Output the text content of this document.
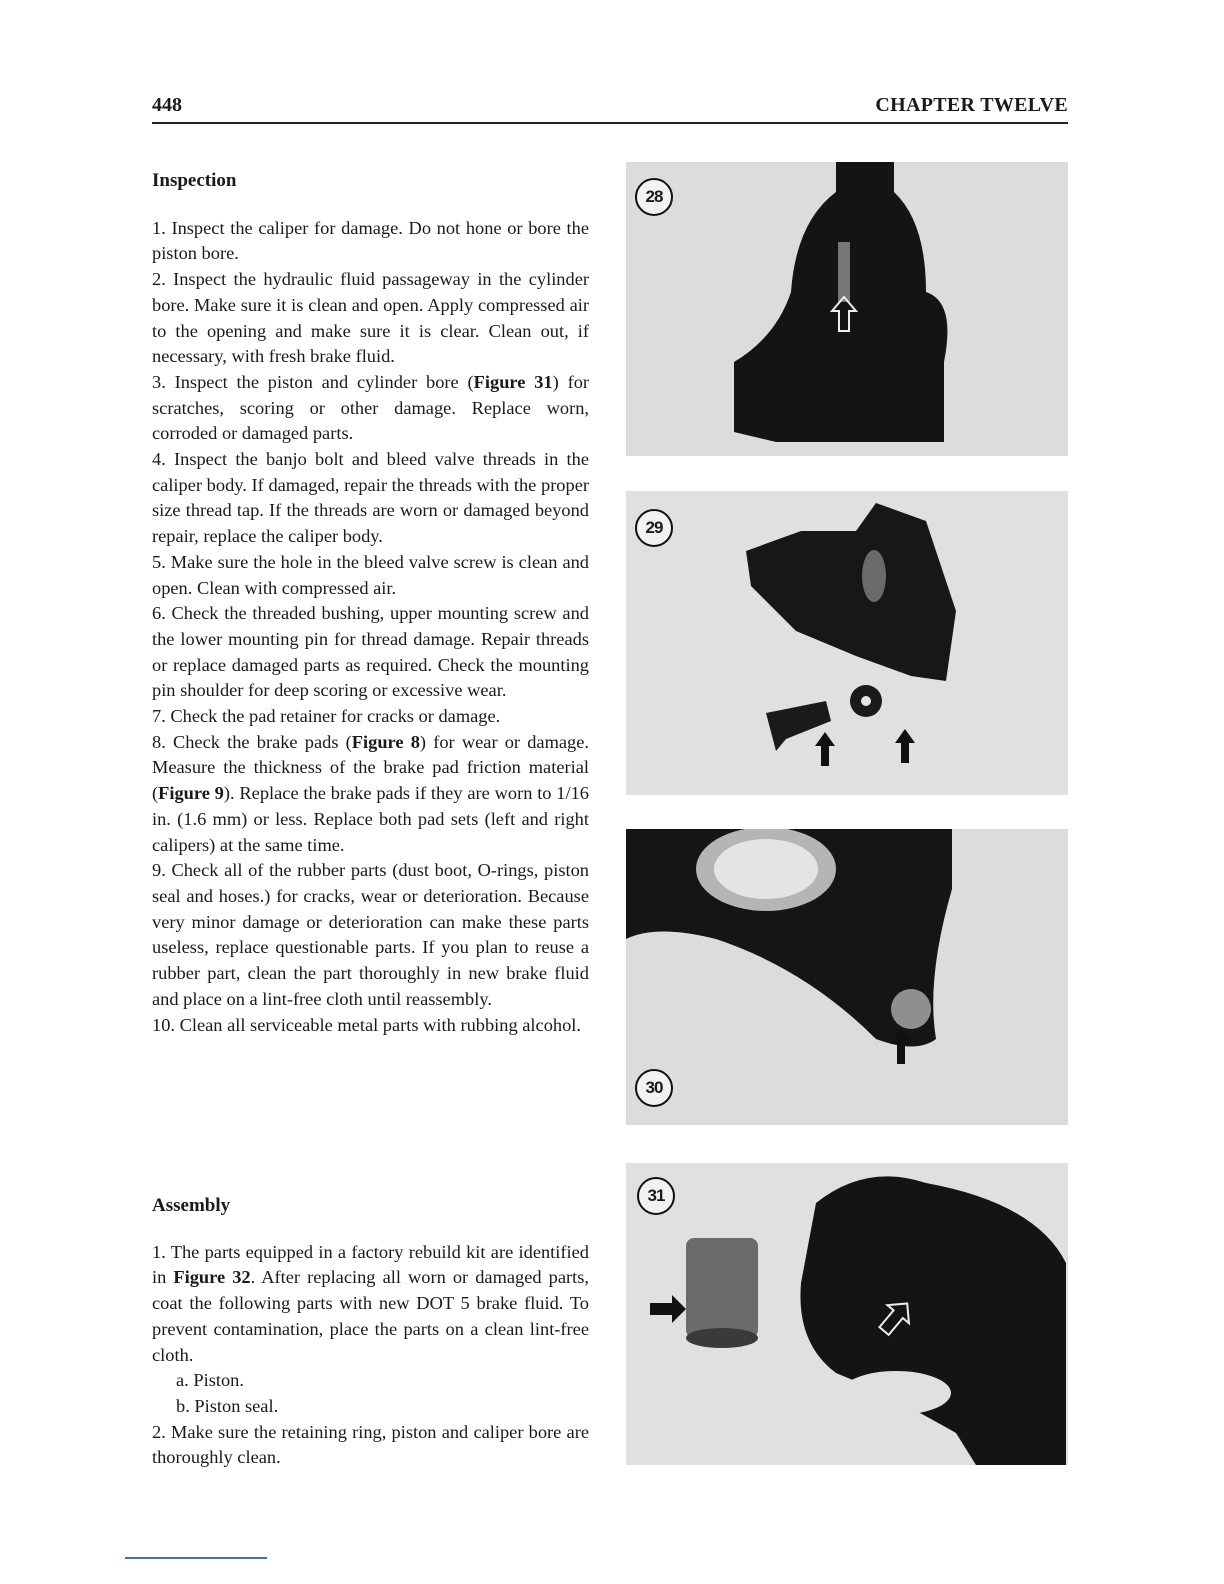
448	CHAPTER TWELVE

Inspection

1. Inspect the caliper for damage. Do not hone or bore the piston bore.

2. Inspect the hydraulic fluid passageway in the cylinder bore. Make sure it is clean and open. Apply compressed air to the opening and make sure it is clear. Clean out, if necessary, with fresh brake fluid.

3. Inspect the piston and cylinder bore (Figure 31) for scratches, scoring or other damage. Replace worn, corroded or damaged parts.

4. Inspect the banjo bolt and bleed valve threads in the caliper body. If damaged, repair the threads with the proper size thread tap. If the threads are worn or damaged beyond repair, replace the caliper body.

5. Make sure the hole in the bleed valve screw is clean and open. Clean with compressed air.

6. Check the threaded bushing, upper mounting screw and the lower mounting pin for thread damage. Repair threads or replace damaged parts as required. Check the mounting pin shoulder for deep scoring or excessive wear.

7. Check the pad retainer for cracks or damage.

8. Check the brake pads (Figure 8) for wear or damage. Measure the thickness of the brake pad friction material (Figure 9). Replace the brake pads if they are worn to 1/16 in. (1.6 mm) or less. Replace both pad sets (left and right calipers) at the same time.

9. Check all of the rubber parts (dust boot, O-rings, piston seal and hoses.) for cracks, wear or deterioration. Because very minor damage or deterioration can make these parts useless, replace questionable parts. If you plan to reuse a rubber part, clean the part thoroughly in new brake fluid and place on a lint-free cloth until reassembly.

10. Clean all serviceable metal parts with rubbing alcohol.

Assembly

1. The parts equipped in a factory rebuild kit are identified in Figure 32. After replacing all worn or damaged parts, coat the following parts with new DOT 5 brake fluid. To prevent contamination, place the parts on a clean lint-free cloth.

a. Piston.

b. Piston seal.

2. Make sure the retaining ring, piston and caliper bore are thoroughly clean.

28
29
30
31
